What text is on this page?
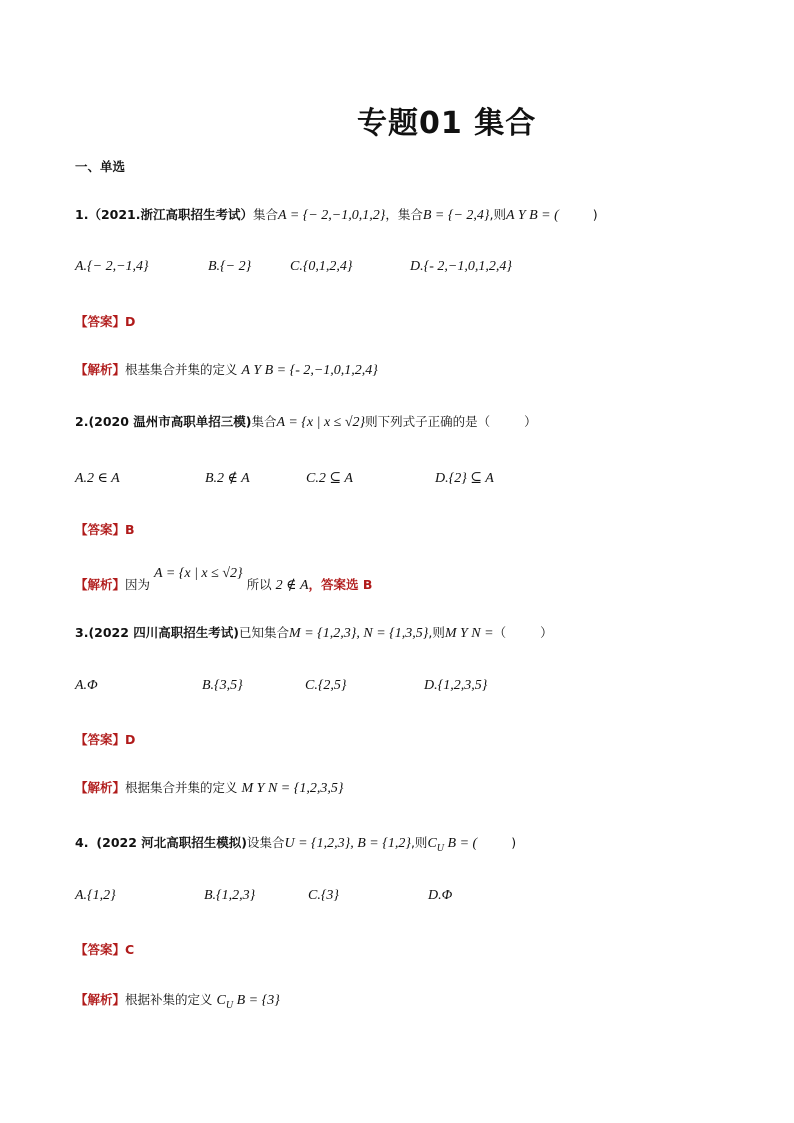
专题01 集合
一、单选
1.（2021.浙江高职招生考试）集合A = {− 2,−1,0,1,2}，集合B = {− 2,4},则A Y B = (	)
A.{− 2,−1,4}	B.{− 2}	C.{0,1,2,4}	D.{- 2,−1,0,1,2,4}
【答案】D
【解析】根基集合并集的定义 A Y B = {- 2,−1,0,1,2,4}
2.(2020 温州市高职单招三模)集合A = {x | x ≤ √2}则下列式子正确的是（	）
A.2 ∈ A	B.2 ∉ A	C.2 ⊆ A	D.{2} ⊆ A
【答案】B
【解析】因为 A = {x | x ≤ √2} 所以 2 ∉ A，答案选 B
3.(2022 四川高职招生考试)已知集合M = {1,2,3}, N = {1,3,5},则M Y N =（	）
A.Φ	B.{3,5}	C.{2,5}	D.{1,2,3,5}
【答案】D
【解析】根据集合并集的定义 M Y N = {1,2,3,5}
4. (2022 河北高职招生模拟)设集合U = {1,2,3}, B = {1,2},则$C_U$ B = (	)
A.{1,2}	B.{1,2,3}	C.{3}	D.Φ
【答案】C
【解析】根据补集的定义 $C_U$ B = {3}
